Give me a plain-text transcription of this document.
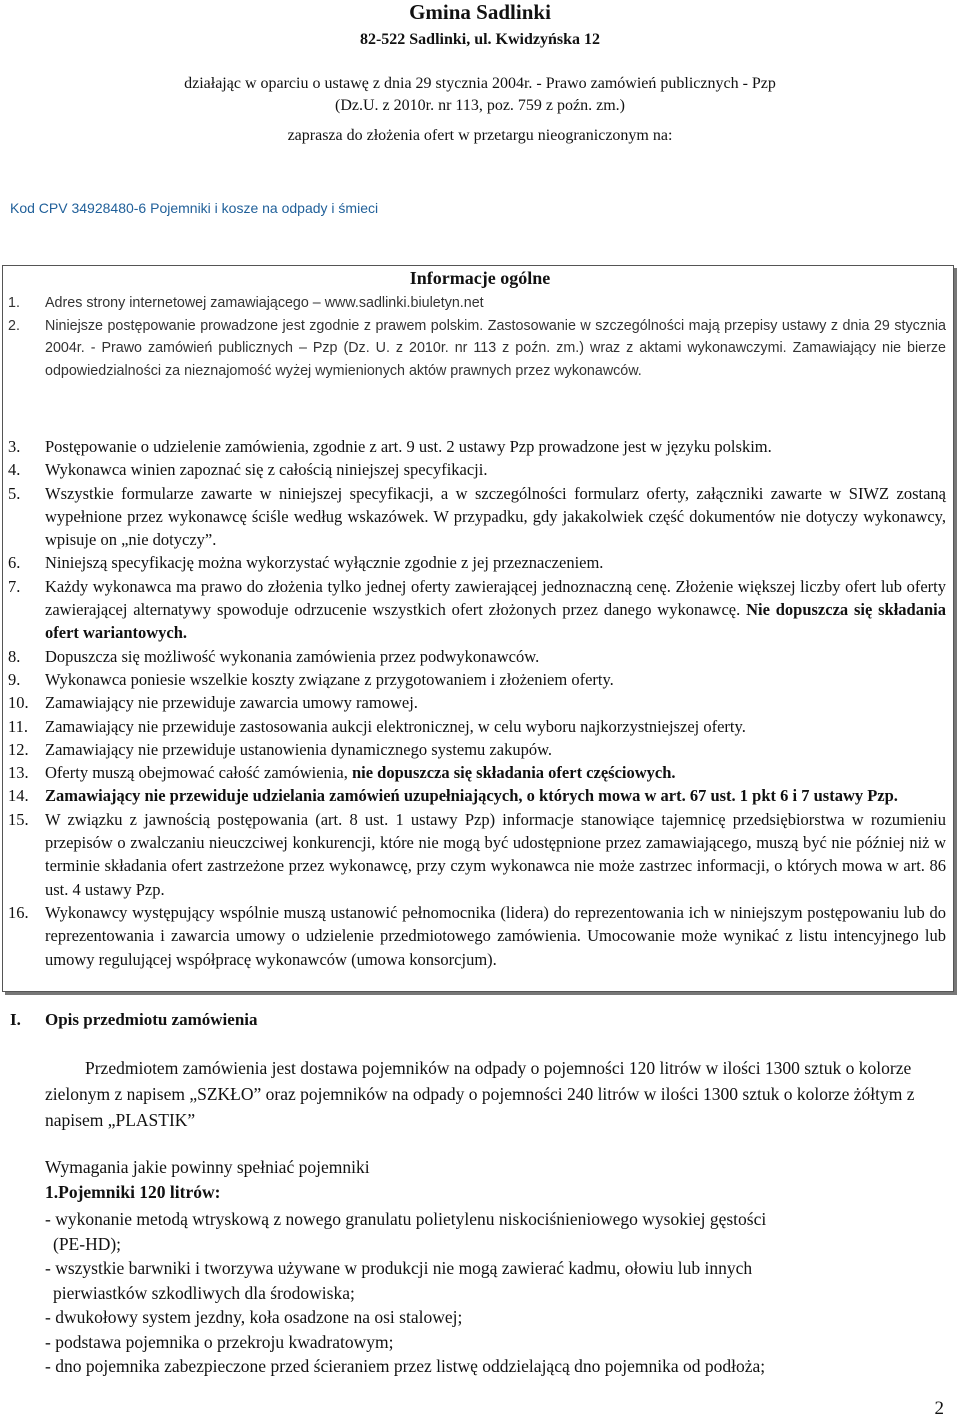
Gmina Sadlinki
82-522 Sadlinki, ul. Kwidzyńska 12
działając w oparciu o ustawę z dnia 29 stycznia 2004r. - Prawo zamówień publicznych - Pzp
(Dz.U. z 2010r. nr 113, poz. 759 z poźn. zm.)
zaprasza do złożenia ofert w przetargu nieograniczonym na:
Kod CPV 34928480-6 Pojemniki i kosze na odpady i śmieci
Informacje ogólne
1.	Adres strony internetowej zamawiającego – www.sadlinki.biuletyn.net
2.	Niniejsze postępowanie prowadzone jest zgodnie z prawem polskim. Zastosowanie w szczególności mają przepisy ustawy z dnia 29 stycznia 2004r. - Prawo zamówień publicznych – Pzp (Dz. U. z 2010r. nr 113 z poźn. zm.) wraz z aktami wykonawczymi. Zamawiający nie bierze odpowiedzialności za nieznajomość wyżej wymienionych aktów prawnych przez wykonawców.
3.	Postępowanie o udzielenie zamówienia, zgodnie z art. 9 ust. 2 ustawy Pzp prowadzone jest w języku polskim.
4.	Wykonawca winien zapoznać się z całością niniejszej specyfikacji.
5.	Wszystkie formularze zawarte w niniejszej specyfikacji, a w szczególności formularz oferty, załączniki zawarte w SIWZ zostaną wypełnione przez wykonawcę ściśle według wskazówek. W przypadku, gdy jakakolwiek część dokumentów nie dotyczy wykonawcy, wpisuje on „nie dotyczy”.
6.	Niniejszą specyfikację można wykorzystać wyłącznie zgodnie z jej przeznaczeniem.
7.	Każdy wykonawca ma prawo do złożenia tylko jednej oferty zawierającej jednoznaczną cenę. Złożenie większej liczby ofert lub oferty zawierającej alternatywy spowoduje odrzucenie wszystkich ofert złożonych przez danego wykonawcę. Nie dopuszcza się składania ofert wariantowych.
8.	Dopuszcza się możliwość wykonania zamówienia przez podwykonawców.
9.	Wykonawca poniesie wszelkie koszty związane z przygotowaniem i złożeniem oferty.
10. Zamawiający nie przewiduje zawarcia umowy ramowej.
11.	Zamawiający nie przewiduje zastosowania aukcji elektronicznej, w celu wyboru najkorzystniejszej oferty.
12. Zamawiający nie przewiduje ustanowienia dynamicznego systemu zakupów.
13. Oferty muszą obejmować całość zamówienia, nie dopuszcza się składania ofert częściowych.
14. Zamawiający nie przewiduje udzielania zamówień uzupełniających, o których mowa w art. 67 ust. 1 pkt 6 i 7 ustawy Pzp.
15. W związku z jawnością postępowania (art. 8 ust. 1 ustawy Pzp) informacje stanowiące tajemnicę przedsiębiorstwa w rozumieniu przepisów o zwalczaniu nieuczciwej konkurencji, które nie mogą być udostępnione przez zamawiającego, muszą być nie później niż w terminie składania ofert zastrzeżone przez wykonawcę, przy czym wykonawca nie może zastrzec informacji, o których mowa w art. 86 ust. 4 ustawy Pzp.
16. Wykonawcy występujący wspólnie muszą ustanowić pełnomocnika (lidera) do reprezentowania ich w niniejszym postępowaniu lub do reprezentowania i zawarcia umowy o udzielenie przedmiotowego zamówienia. Umocowanie może wynikać z listu intencyjnego lub umowy regulującej współpracę wykonawców (umowa konsorcjum).
I. Opis przedmiotu zamówienia
Przedmiotem zamówienia jest dostawa pojemników na odpady o pojemności 120 litrów w ilości 1300 sztuk o kolorze zielonym z napisem „SZKŁO” oraz pojemników na odpady o pojemności 240 litrów w ilości 1300 sztuk o kolorze żółtym z napisem „PLASTIK”
Wymagania jakie powinny spełniać pojemniki
1.Pojemniki 120 litrów:
- wykonanie metodą wtryskową z nowego granulatu polietylenu niskociśnieniowego wysokiej gęstości
(PE-HD);
- wszystkie barwniki i tworzywa używane w produkcji nie mogą zawierać kadmu, ołowiu lub innych
pierwiastków szkodliwych dla środowiska;
- dwukołowy system jezdny, koła osadzone na osi stalowej;
- podstawa pojemnika o przekroju kwadratowym;
- dno pojemnika zabezpieczone przed ścieraniem przez listwę oddzielającą dno pojemnika od podłoża;
2
